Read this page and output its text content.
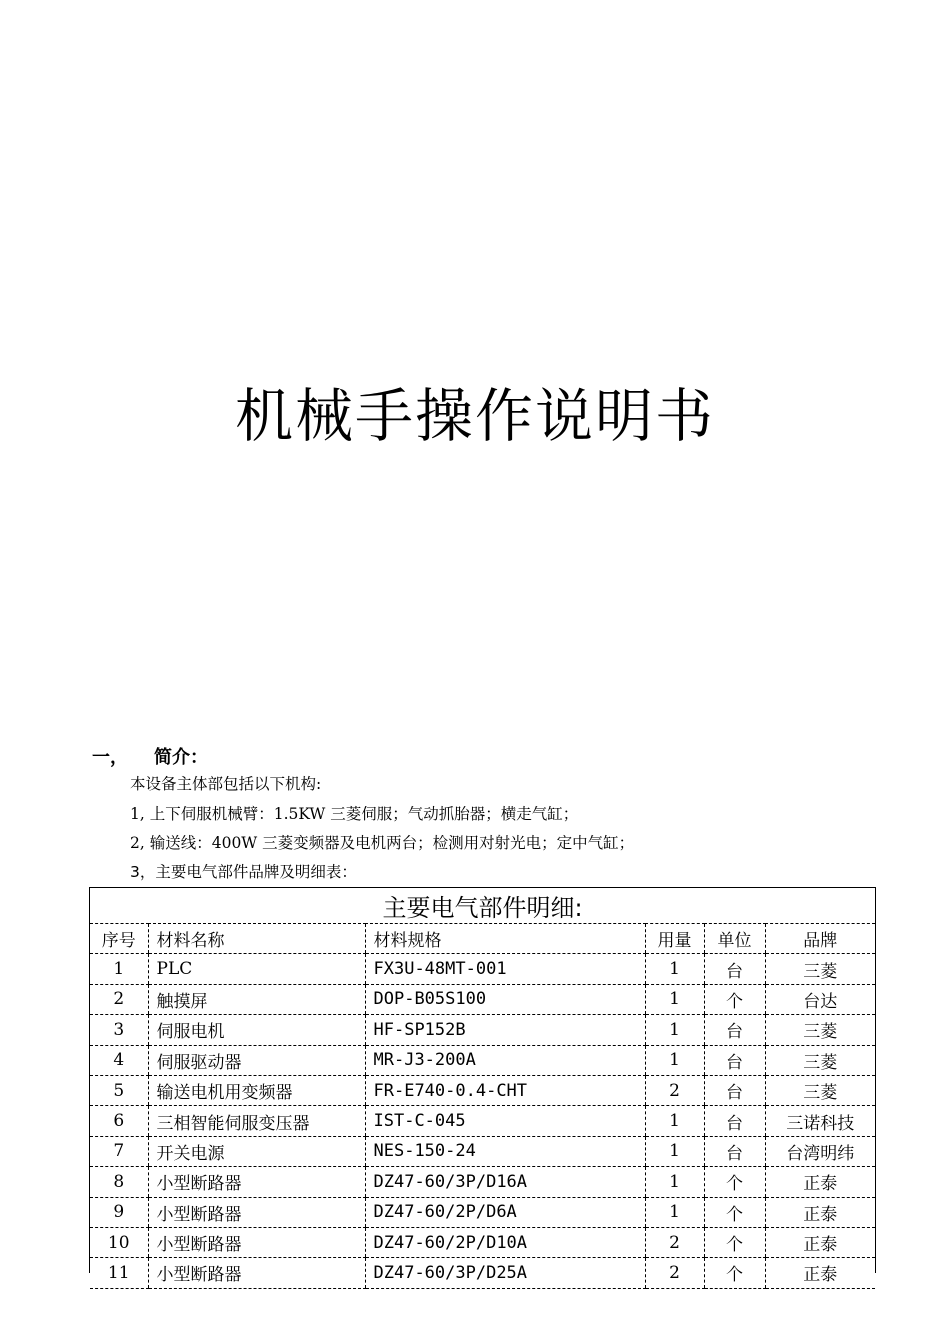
机械手操作说明书
一， 简介：
本设备主体部包括以下机构:
1, 上下伺服机械臂：1.5KW 三菱伺服；气动抓胎器；横走气缸；
2, 输送线：400W 三菱变频器及电机两台；检测用对射光电；定中气缸；
3，主要电气部件品牌及明细表：
主要电气部件明细:					
序号	材料名称	材料规格	用量	单位	品牌
1	PLC	FX3U-48MT-001	1	台	三菱
2	触摸屏	DOP-B05S100	1	个	台达
3	伺服电机	HF-SP152B	1	台	三菱
4	伺服驱动器	MR-J3-200A	1	台	三菱
5	输送电机用变频器	FR-E740-0.4-CHT	2	台	三菱
6	三相智能伺服变压器	IST-C-045	1	台	三诺科技
7	开关电源	NES-150-24	1	台	台湾明纬
8	小型断路器	DZ47-60/3P/D16A	1	个	正泰
9	小型断路器	DZ47-60/2P/D6A	1	个	正泰
10	小型断路器	DZ47-60/2P/D10A	2	个	正泰
11	小型断路器	DZ47-60/3P/D25A	2	个	正泰
